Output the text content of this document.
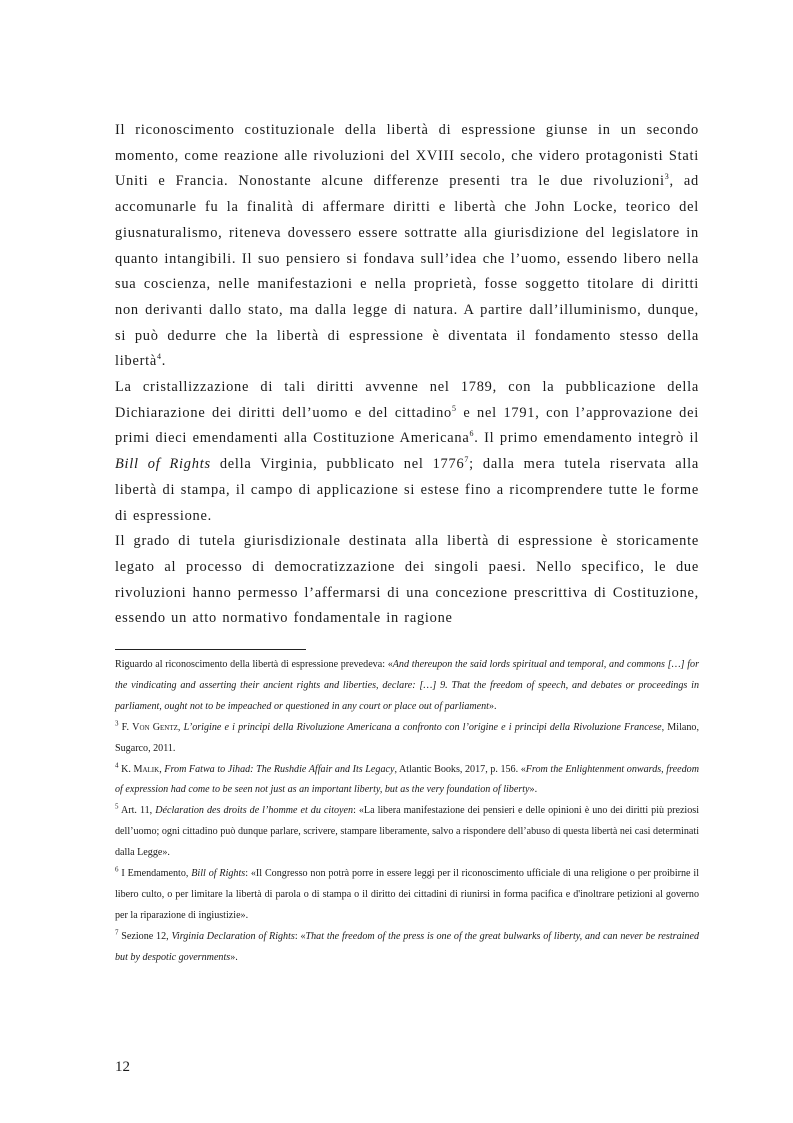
Il riconoscimento costituzionale della libertà di espressione giunse in un secondo momento, come reazione alle rivoluzioni del XVIII secolo, che videro protagonisti Stati Uniti e Francia. Nonostante alcune differenze presenti tra le due rivoluzioni$^3$, ad accomunarle fu la finalità di affermare diritti e libertà che John Locke, teorico del giusnaturalismo, riteneva dovessero essere sottratte alla giurisdizione del legislatore in quanto intangibili. Il suo pensiero si fondava sull’idea che l’uomo, essendo libero nella sua coscienza, nelle manifestazioni e nella proprietà, fosse soggetto titolare di diritti non derivanti dallo stato, ma dalla legge di natura. A partire dall’illuminismo, dunque, si può dedurre che la libertà di espressione è diventata il fondamento stesso della libertà$^4$.

La cristallizzazione di tali diritti avvenne nel 1789, con la pubblicazione della Dichiarazione dei diritti dell’uomo e del cittadino$^5$ e nel 1791, con l’approvazione dei primi dieci emendamenti alla Costituzione Americana$^6$. Il primo emendamento integrò il Bill of Rights della Virginia, pubblicato nel 1776$^7$; dalla mera tutela riservata alla libertà di stampa, il campo di applicazione si estese fino a ricomprendere tutte le forme di espressione.

Il grado di tutela giurisdizionale destinata alla libertà di espressione è storicamente legato al processo di democratizzazione dei singoli paesi. Nello specifico, le due rivoluzioni hanno permesso l’affermarsi di una concezione prescrittiva di Costituzione, essendo un atto normativo fondamentale in ragione

Riguardo al riconoscimento della libertà di espressione prevedeva: «And thereupon the said lords spiritual and temporal, and commons […] for the vindicating and asserting their ancient rights and liberties, declare: […] 9. That the freedom of speech, and debates or proceedings in parliament, ought not to be impeached or questioned in any court or place out of parliament».

$^3$ F. Von Gentz, L’origine e i principi della Rivoluzione Americana a confronto con l’origine e i principi della Rivoluzione Francese, Milano, Sugarco, 2011.

$^4$ K. Malik, From Fatwa to Jihad: The Rushdie Affair and Its Legacy, Atlantic Books, 2017, p. 156. «From the Enlightenment onwards, freedom of expression had come to be seen not just as an important liberty, but as the very foundation of liberty».

$^5$ Art. 11, Déclaration des droits de l’homme et du citoyen: «La libera manifestazione dei pensieri e delle opinioni è uno dei diritti più preziosi dell’uomo; ogni cittadino può dunque parlare, scrivere, stampare liberamente, salvo a rispondere dell’abuso di questa libertà nei casi determinati dalla Legge».

$^6$ I Emendamento, Bill of Rights: «Il Congresso non potrà porre in essere leggi per il riconoscimento ufficiale di una religione o per proibirne il libero culto, o per limitare la libertà di parola o di stampa o il diritto dei cittadini di riunirsi in forma pacifica e d'inoltrare petizioni al governo per la riparazione di ingiustizie».

$^7$ Sezione 12, Virginia Declaration of Rights: «That the freedom of the press is one of the great bulwarks of liberty, and can never be restrained but by despotic governments».

12
